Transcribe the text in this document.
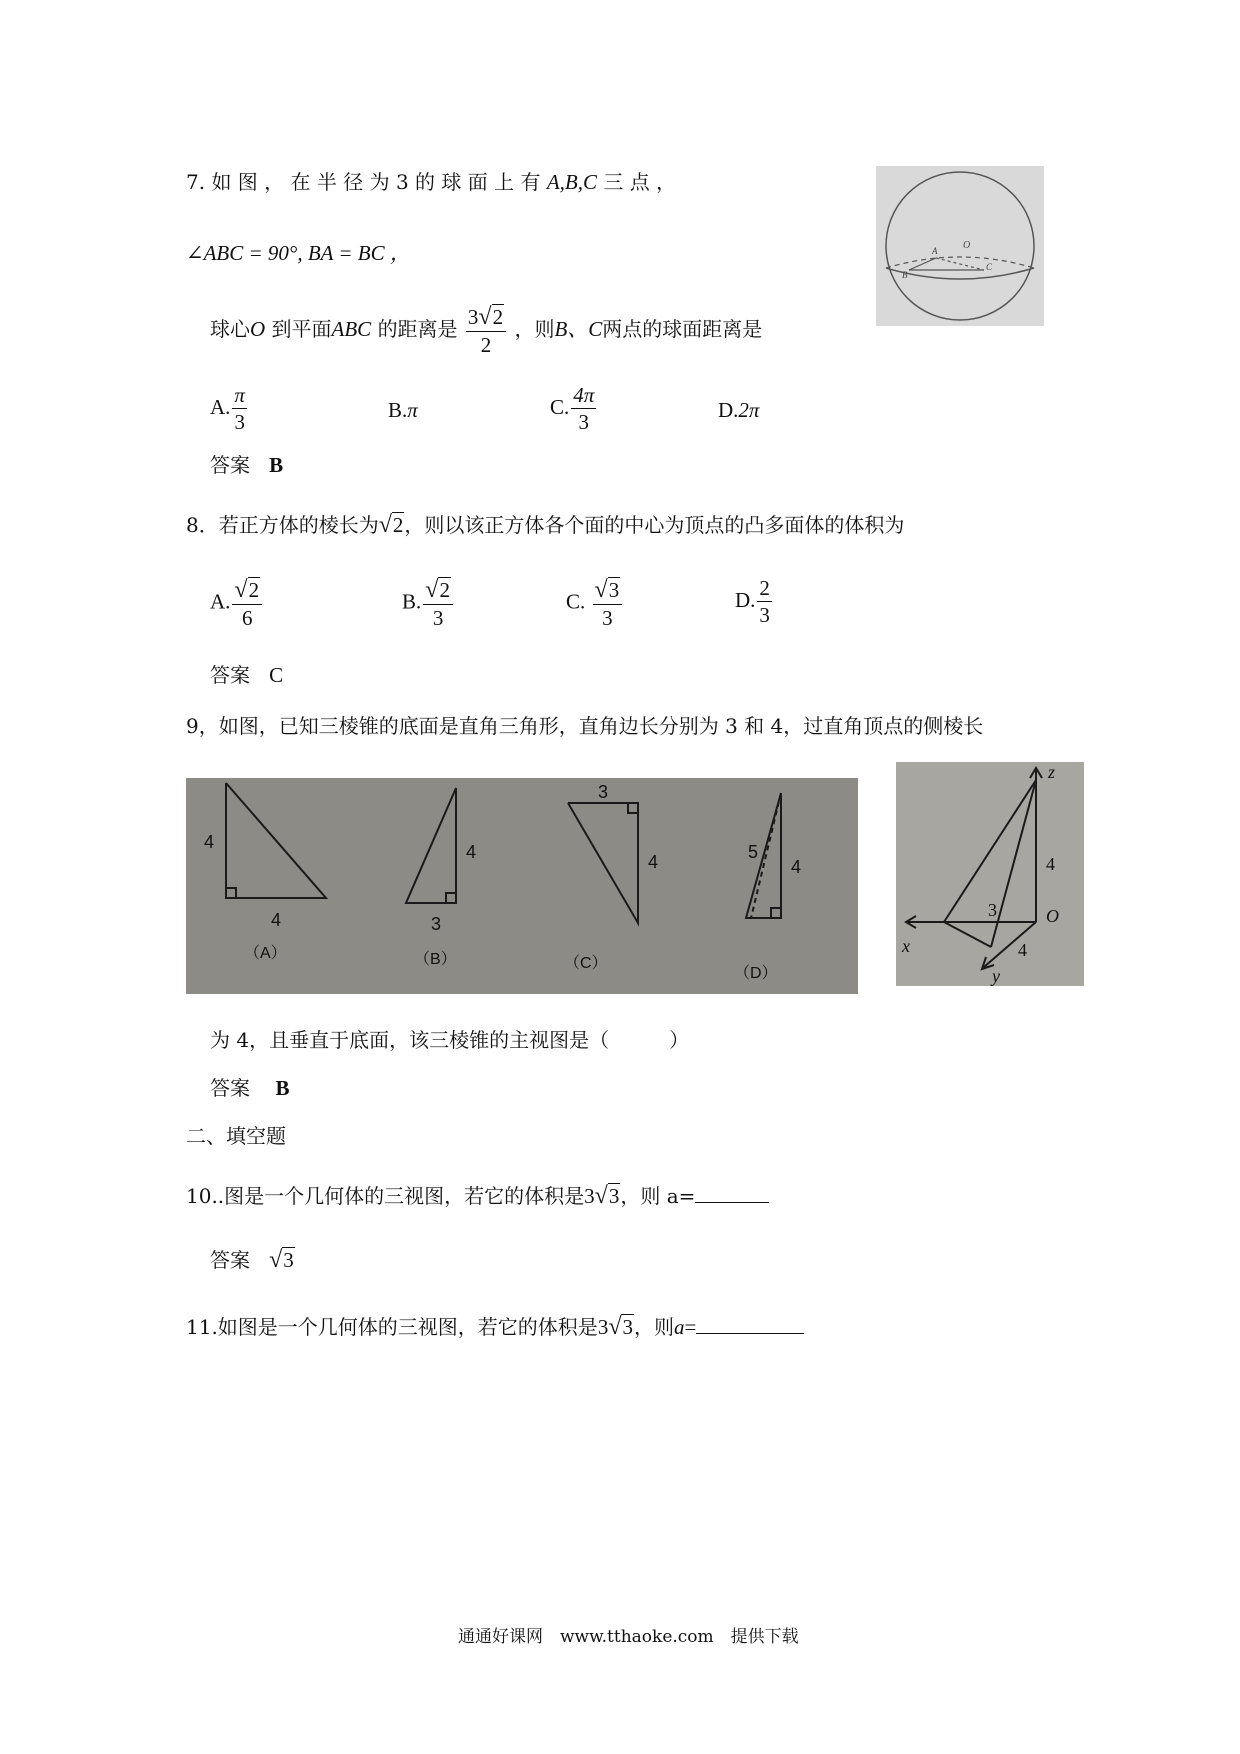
7. 如 图 ， 在 半 径 为 3 的 球 面 上 有 A,B,C 三 点 ，
∠ABC = 90°, BA = BC ，
球心O 到平面ABC 的距离是 $\frac{3√2}{2}$ ，则B、C两点的球面距离是
A. $\frac{\pi}{3}$	B.π	C. $\frac{4\pi}{3}$	D.2π
答案 B
O
A
B
C
8．若正方体的棱长为√2，则以该正方体各个面的中心为顶点的凸多面体的体积为
A. $\frac{√2}{6}$	B. $\frac{√2}{3}$	C. $\frac{√3}{3}$	D. $\frac{2}{3}$
答案 C
9，如图，已知三棱锥的底面是直角三角形，直角边长分别为 3 和 4，过直角顶点的侧棱长
4
4
（A）
4
3
（B）
3
4
（C）
5
4
（D）
z
4
O
3
4
x
y
为 4，且垂直于底面，该三棱锥的主视图是（　　　）
答案 B
二、填空题
10..图是一个几何体的三视图，若它的体积是3√3，则 a=
答案 √3
11.如图是一个几何体的三视图，若它的体积是3√3，则a=
通通好课网　www.tthaoke.com　提供下载
